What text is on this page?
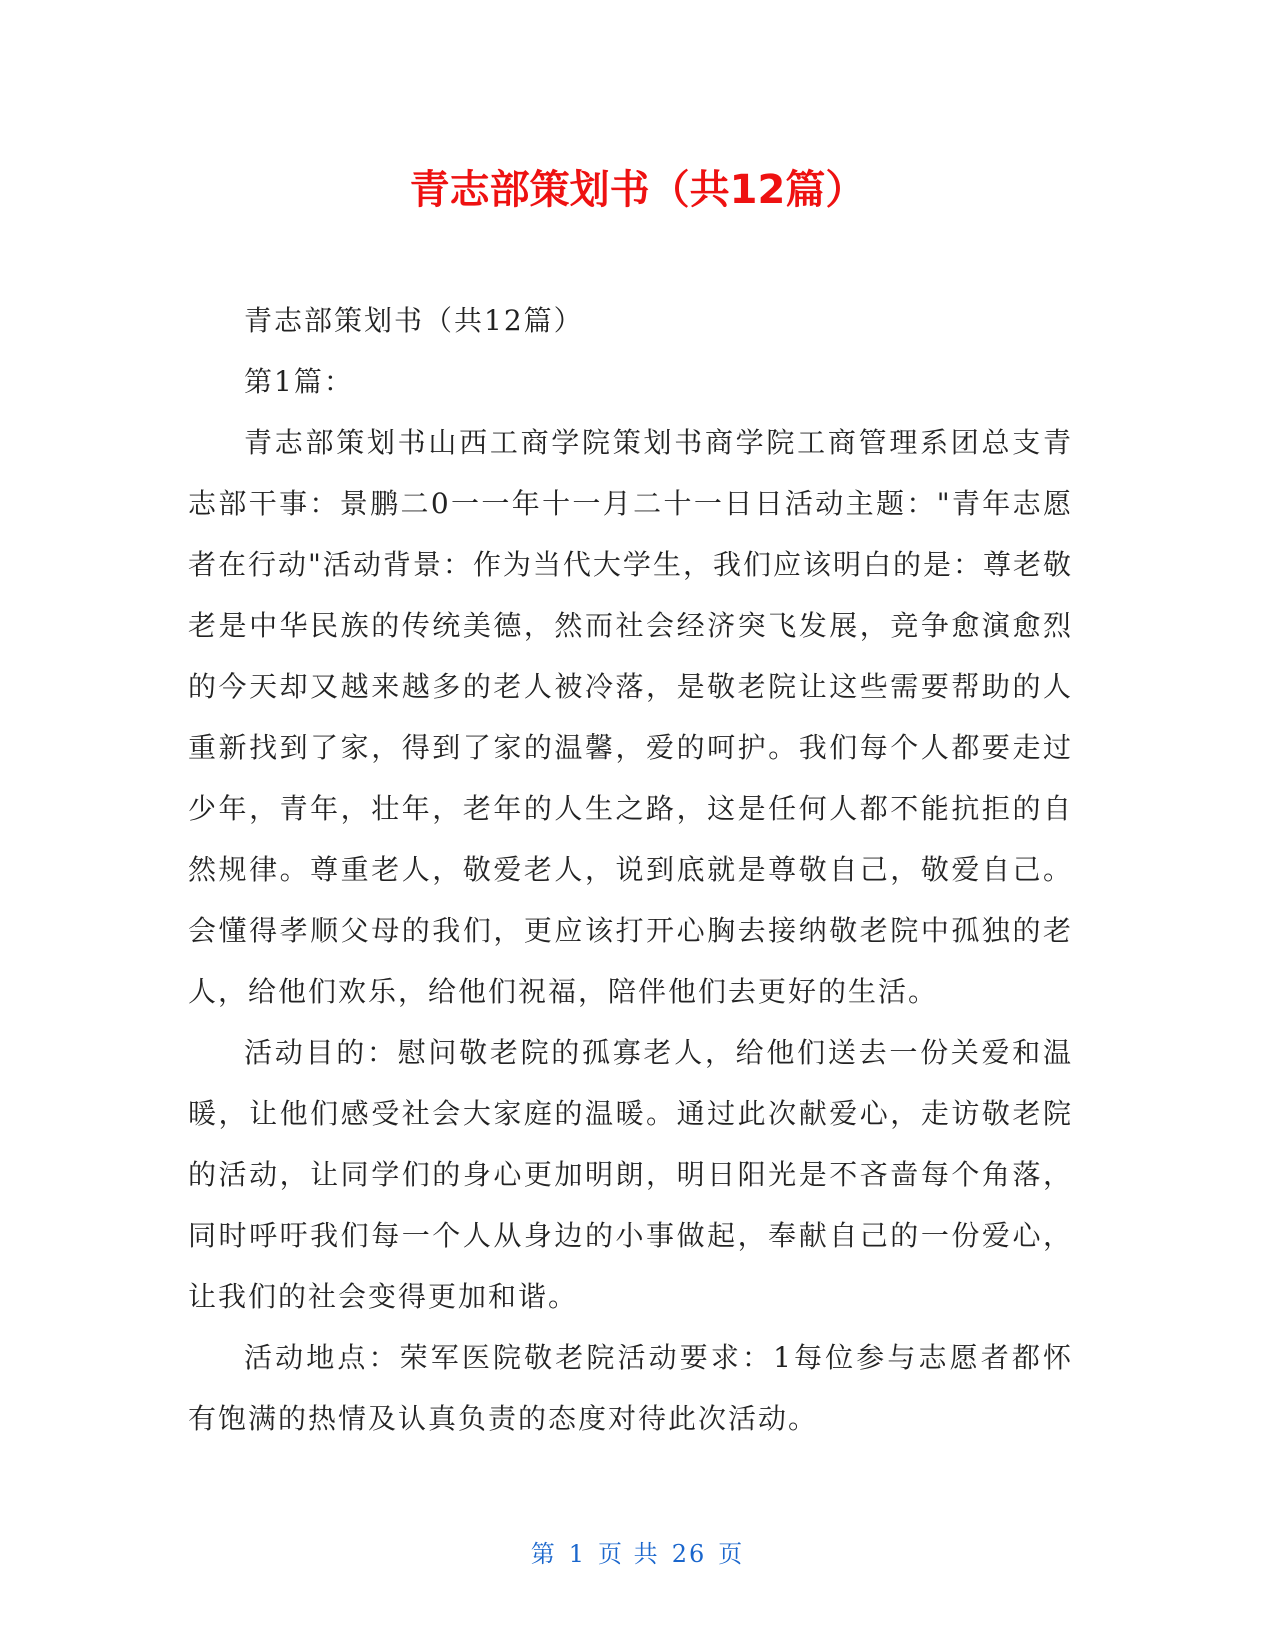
青志部策划书（共12篇）

青志部策划书（共12篇）

第1篇：

青志部策划书山西工商学院策划书商学院工商管理系团总支青志部干事：景鹏二0一一年十一月二十一日日活动主题："青年志愿者在行动"活动背景：作为当代大学生，我们应该明白的是：尊老敬老是中华民族的传统美德，然而社会经济突飞发展，竞争愈演愈烈的今天却又越来越多的老人被冷落，是敬老院让这些需要帮助的人重新找到了家，得到了家的温馨，爱的呵护。我们每个人都要走过少年，青年，壮年，老年的人生之路，这是任何人都不能抗拒的自然规律。尊重老人，敬爱老人，说到底就是尊敬自己，敬爱自己。会懂得孝顺父母的我们，更应该打开心胸去接纳敬老院中孤独的老人，给他们欢乐，给他们祝福，陪伴他们去更好的生活。

活动目的：慰问敬老院的孤寡老人，给他们送去一份关爱和温暖，让他们感受社会大家庭的温暖。通过此次献爱心，走访敬老院的活动，让同学们的身心更加明朗，明日阳光是不吝啬每个角落，同时呼吁我们每一个人从身边的小事做起，奉献自己的一份爱心，让我们的社会变得更加和谐。

活动地点：荣军医院敬老院活动要求：1每位参与志愿者都怀有饱满的热情及认真负责的态度对待此次活动。

第 1 页 共 26 页
